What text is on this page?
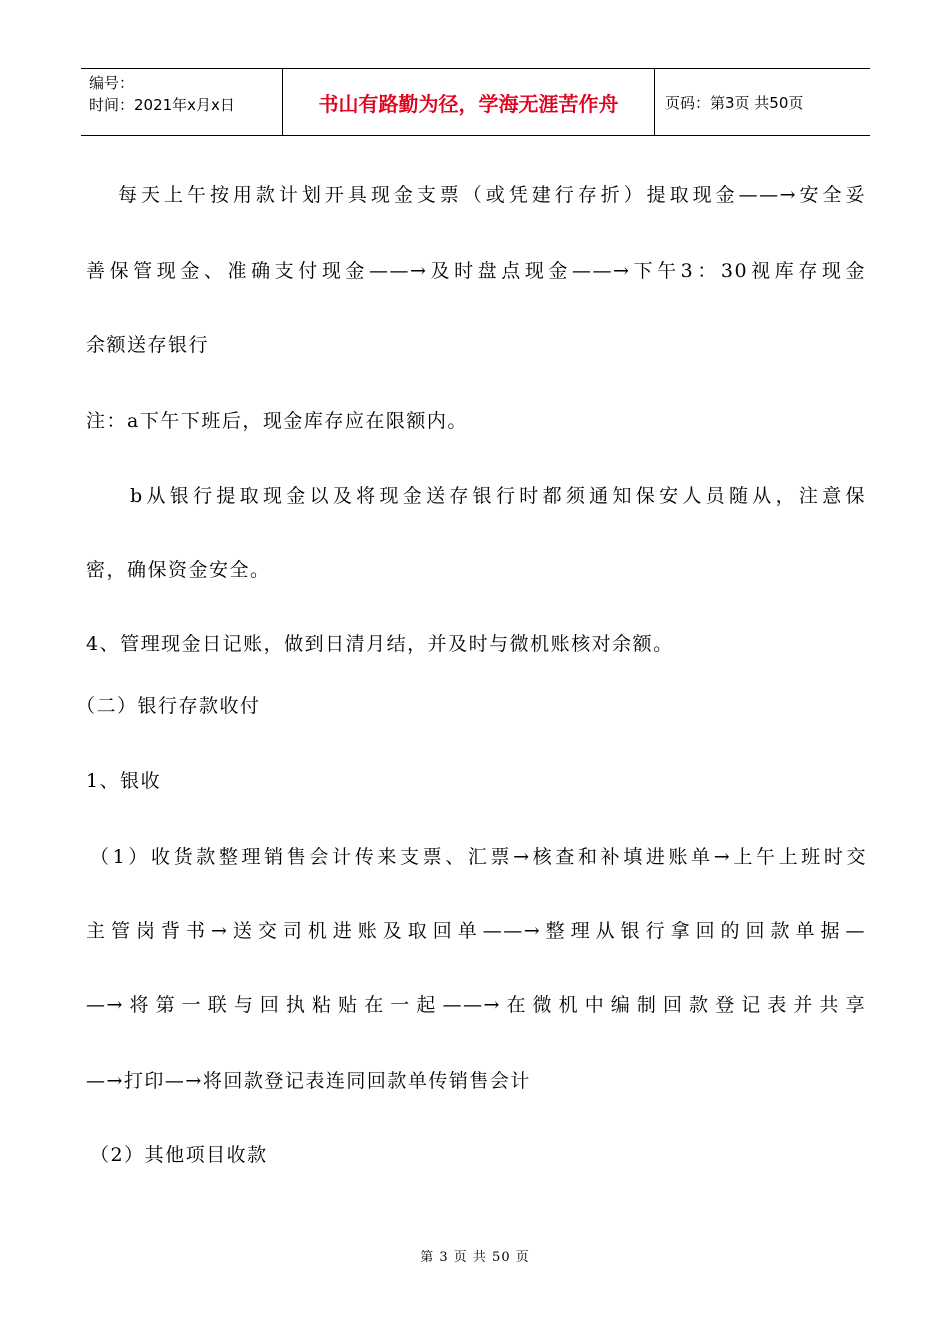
编号：
时间：2021年x月x日	书山有路勤为径，学海无涯苦作舟	页码：第3页 共50页
每天上午按用款计划开具现金支票（或凭建行存折）提取现金——→安全妥
善保管现金、准确支付现金——→及时盘点现金——→下午3：30视库存现金
余额送存银行
注：a下午下班后，现金库存应在限额内。
b从银行提取现金以及将现金送存银行时都须通知保安人员随从，注意保
密，确保资金安全。
4、管理现金日记账，做到日清月结，并及时与微机账核对余额。
（二）银行存款收付
1、银收
（1）收货款整理销售会计传来支票、汇票→核查和补填进账单→上午上班时交
主管岗背书→送交司机进账及取回单——→整理从银行拿回的回款单据—
—→将第一联与回执粘贴在一起——→在微机中编制回款登记表并共享
—→打印—→将回款登记表连同回款单传销售会计
（2）其他项目收款
第 3 页 共 50 页
